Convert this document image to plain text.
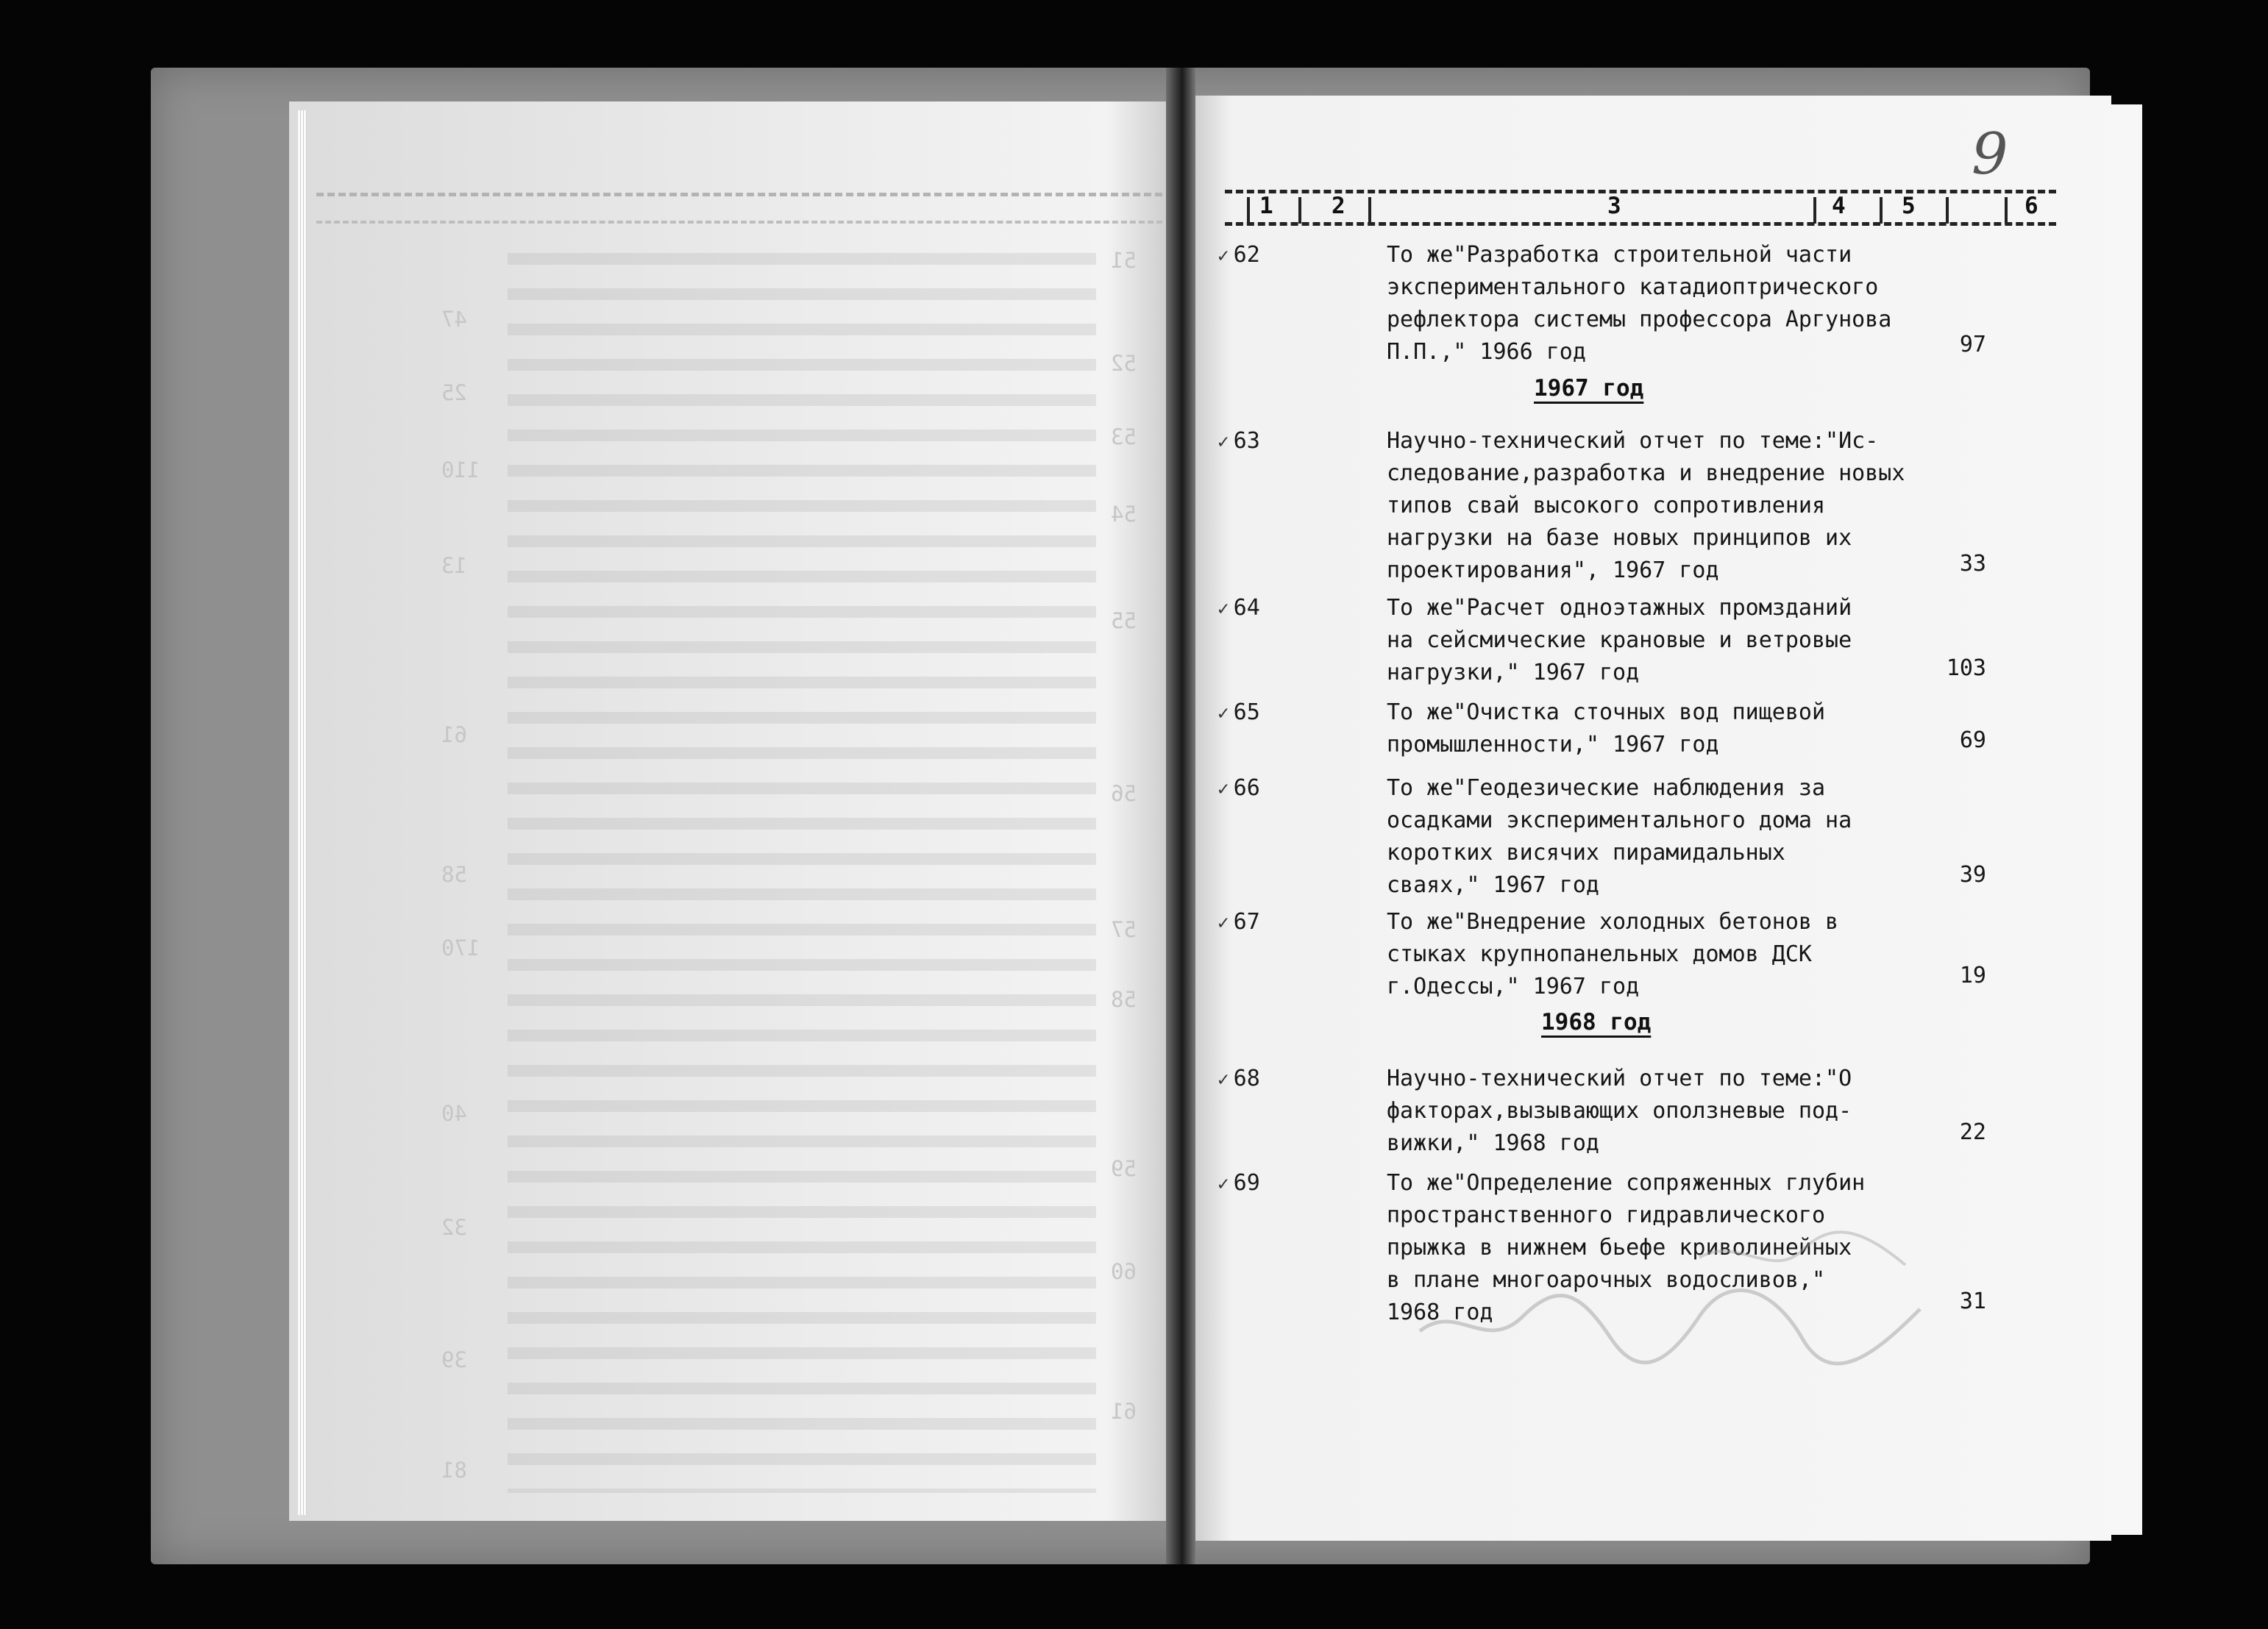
51
52
53
54
55
56
57
58
59
60
61
47
25
110
13
61
58
170
40
32
39
81
1	2	3	4 5	6
9
✓ 62	То же"Разработка строительной части
экспериментального катадиоптрического
рефлектора системы профессора Аргунова
П.П.," 1966 год	97
1967 год
✓ 63	Научно-технический отчет по теме:"Ис-
следование,разработка и внедрение новых
типов свай высокого сопротивления
нагрузки на базе новых принципов их
проектирования", 1967 год	33
✓ 64	То же"Расчет одноэтажных промзданий
на сейсмические крановые и ветровые
нагрузки," 1967 год	103
✓ 65	То же"Очистка сточных вод пищевой
промышленности," 1967 год	69
✓ 66	То же"Геодезические наблюдения за
осадками экспериментального дома на
коротких висячих пирамидальных
сваях," 1967 год	39
✓ 67	То же"Внедрение холодных бетонов в
стыках крупнопанельных домов ДСК
г.Одессы," 1967 год	19
1968 год
✓ 68	Научно-технический отчет по теме:"О
факторах,вызывающих оползневые под-
вижки," 1968 год	22
✓ 69	То же"Определение сопряженных глубин
пространственного гидравлического
прыжка в нижнем бьефе криволинейных
в плане многоарочных водосливов,"
1968 год	31
